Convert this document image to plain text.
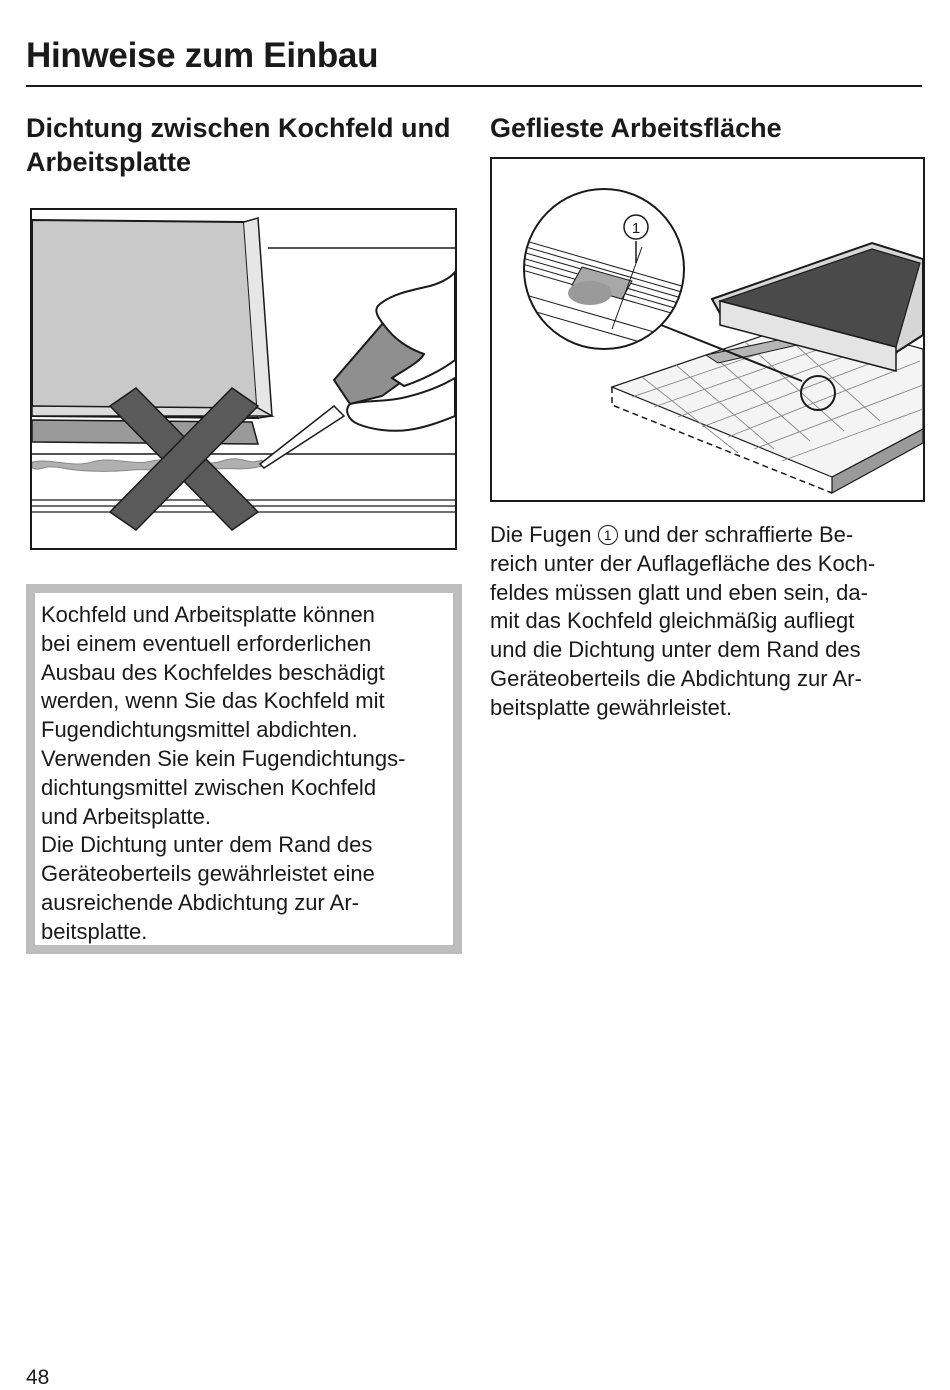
Hinweise zum Einbau
Dichtung zwischen Kochfeld und Arbeitsplatte
Geflieste Arbeitsfläche
1

Kochfeld und Arbeitsplatte können

bei einem eventuell erforderlichen

Ausbau des Kochfeldes beschädigt

werden, wenn Sie das Kochfeld mit

Fugendichtungsmittel abdichten.

Verwenden Sie kein Fugendichtungs-

dichtungsmittel zwischen Kochfeld

und Arbeitsplatte.

Die Dichtung unter dem Rand des

Geräteoberteils gewährleistet eine

ausreichende Abdichtung zur Ar-

beitsplatte.

Die Fugen 1 und der schraffierte Be-

reich unter der Auflagefläche des Koch-

feldes müssen glatt und eben sein, da-

mit das Kochfeld gleichmäßig aufliegt

und die Dichtung unter dem Rand des

Geräteoberteils die Abdichtung zur Ar-

beitsplatte gewährleistet.

48
